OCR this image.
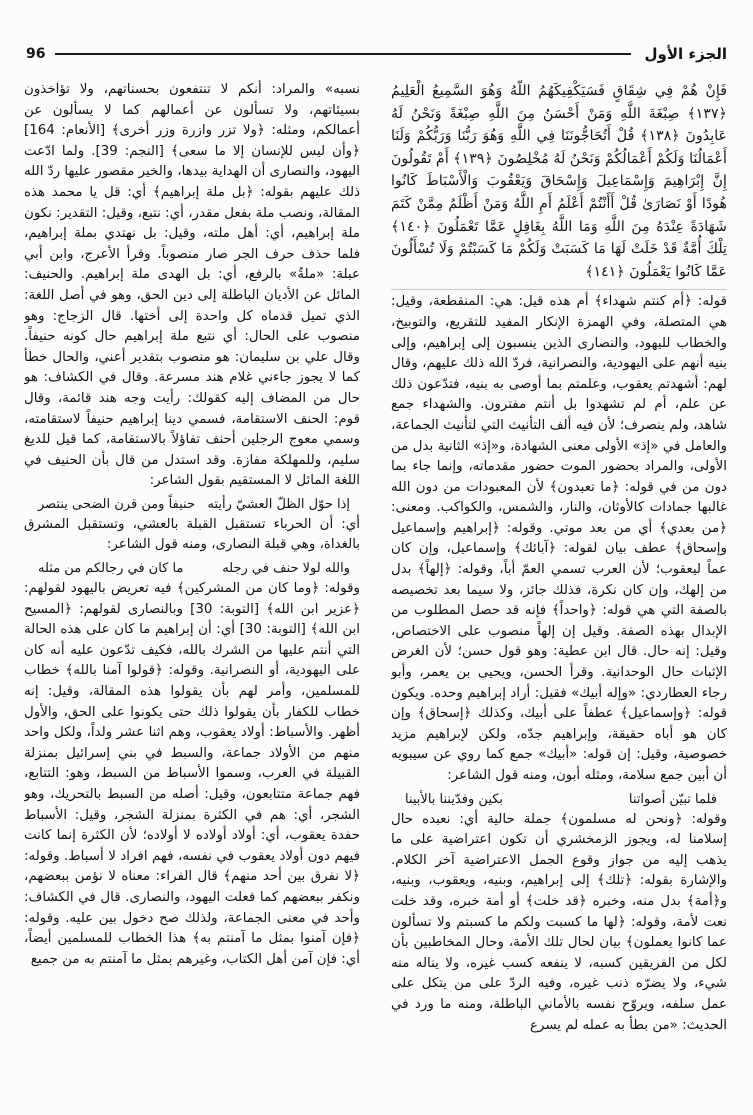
الجزء الأول
96

فَإِنْ هُمْ فِي شِقَاقٍ فَسَيَكْفِيكَهُمُ اللَّهُ وَهُوَ السَّمِيعُ الْعَلِيمُ ﴿١٣٧﴾ صِبْغَةَ اللَّهِ وَمَنْ أَحْسَنُ مِنَ اللَّهِ صِبْغَةً وَنَحْنُ لَهُ عَابِدُونَ ﴿١٣٨﴾ قُلْ أَتُحَاجُّونَنَا فِي اللَّهِ وَهُوَ رَبُّنَا وَرَبُّكُمْ وَلَنَا أَعْمَالُنَا وَلَكُمْ أَعْمَالُكُمْ وَنَحْنُ لَهُ مُخْلِصُونَ ﴿١٣٩﴾ أَمْ تَقُولُونَ إِنَّ إِبْرَاهِيمَ وَإِسْمَاعِيلَ وَإِسْحَاقَ وَيَعْقُوبَ وَالْأَسْبَاطَ كَانُوا هُودًا أَوْ نَصَارَىٰ قُلْ أَأَنْتُمْ أَعْلَمُ أَمِ اللَّهُ وَمَنْ أَظْلَمُ مِمَّنْ كَتَمَ شَهَادَةً عِنْدَهُ مِنَ اللَّهِ وَمَا اللَّهُ بِغَافِلٍ عَمَّا تَعْمَلُونَ ﴿١٤٠﴾ تِلْكَ أُمَّةٌ قَدْ خَلَتْ لَهَا مَا كَسَبَتْ وَلَكُمْ مَا كَسَبْتُمْ وَلَا تُسْأَلُونَ عَمَّا كَانُوا يَعْمَلُونَ ﴿١٤١﴾

قوله: ﴿أم كنتم شهداء﴾ أم هذه قيل: هي: المنقطعة، وقيل: هي المتصلة، وفي الهمزة الإنكار المفيد للتقريع، والتوبيخ، والخطاب لليهود، والنصارى الذين ينسبون إلى إبراهيم، وإلى بنيه أنهم على اليهودية، والنصرانية، فردّ الله ذلك عليهم، وقال لهم: أشهدتم يعقوب، وعلمتم بما أوصى به بنيه، فتدّعون ذلك عن علم، أم لم تشهدوا بل أنتم مفترون. والشهداء جمع شاهد، ولم ينصرف؛ لأن فيه ألف التأنيث التي لتأنيث الجماعة، والعامل في «إذ» الأولى معنى الشهادة، و«إذ» الثانية بدل من الأولى، والمراد بحضور الموت حضور مقدماته، وإنما جاء بما دون من في قوله: ﴿ما تعبدون﴾ لأن المعبودات من دون الله غالبها جمادات كالأوثان، والنار، والشمس، والكواكب. ومعنى: ﴿من بعدي﴾ أي من بعد موتي. وقوله: ﴿إبراهيم وإسماعيل وإسحاق﴾ عطف بيان لقوله: ﴿آبائك﴾ وإسماعيل، وإن كان عماً ليعقوب؛ لأن العرب تسمي العمّ أباً، وقوله: ﴿إلهاً﴾ بدل من إلهك، وإن كان نكرة، فذلك جائز، ولا سيما بعد تخصيصه بالصفة التي هي قوله: ﴿واحداً﴾ فإنه قد حصل المطلوب من الإبدال بهذه الصفة. وقيل إن إلهاً منصوب على الاختصاص، وقيل: إنه حال. قال ابن عطية: وهو قول حسن؛ لأن الغرض الإثبات حال الوحدانية. وقرأ الحسن، ويحيى بن يعمر، وأبو رجاء العطاردي: «وإله أبيك» فقيل: أراد إبراهيم وحده. ويكون قوله: ﴿وإسماعيل﴾ عطفاً على أبيك، وكذلك ﴿إسحاق﴾ وإن كان هو أباه حقيقة، وإبراهيم جدّه، ولكن لإبراهيم مزيد خصوصية، وقيل: إن قوله: «أبيك» جمع كما روي عن سيبويه أن أبين جمع سلامة، ومثله أبون، ومنه قول الشاعر:

فلما تبيّن أصواتنا
بكين وفدّيننا بالأبينا

وقوله: ﴿ونحن له مسلمون﴾ جملة حالية أي: نعبده حال إسلامنا له، ويجوز الزمخشري أن تكون اعتراضية على ما يذهب إليه من جواز وقوع الجمل الاعتراضية آخر الكلام. والإشارة بقوله: ﴿تلك﴾ إلى إبراهيم، وبنيه، ويعقوب، وبنيه، و﴿أمة﴾ بدل منه، وخبره ﴿قد خلت﴾ أو أمة خبره، وقد خلت نعت لأمة، وقوله: ﴿لها ما كسبت ولكم ما كسبتم ولا تسألون عما كانوا يعملون﴾ بيان لحال تلك الأمة، وحال المخاطبين بأن لكل من الفريقين كسبه، لا ينفعه كسب غيره، ولا يناله منه شيء، ولا يضرّه ذنب غيره، وفيه الردّ على من يتكل على عمل سلفه، ويروّح نفسه بالأماني الباطلة، ومنه ما ورد في الحديث: «من بطأ به عمله لم يسرع

نسبه» والمراد: أنكم لا تنتفعون بحسناتهم، ولا تؤاخذون بسيئاتهم، ولا تسألون عن أعمالهم كما لا يسألون عن أعمالكم، ومثله: ﴿ولا تزر وازرة وزر أخرى﴾ [الأنعام: 164] ﴿وأن ليس للإنسان إلا ما سعى﴾ [النجم: 39]. ولما ادّعت اليهود، والنصارى أن الهداية بيدها، والخير مقصور عليها ردّ الله ذلك عليهم بقوله: ﴿بل ملة إبراهيم﴾ أي: قل يا محمد هذه المقالة، ونصب ملة بفعل مقدر، أي: نتبع، وقيل: التقدير: نكون ملة إبراهيم، أي: أهل ملته، وقيل: بل نهتدي بملة إبراهيم، فلما حذف حرف الجر صار منصوباً. وقرأ الأعرج، وابن أبي عبلة: «ملةُ» بالرفع، أي: بل الهدى ملة إبراهيم. والحنيف: المائل عن الأديان الباطلة إلى دين الحق، وهو في أصل اللغة: الذي تميل قدماه كل واحدة إلى أختها. قال الزجاج: وهو منصوب على الحال: أي نتبع ملة إبراهيم حال كونه حنيفاً. وقال علي بن سليمان: هو منصوب بتقدير أعني، والحال خطأ كما لا يجوز جاءني غلام هند مسرعة. وقال في الكشاف: هو حال من المضاف إليه كقولك: رأيت وجه هند قائمة، وقال قوم: الحنف الاستقامة، فسمي دينا إبراهيم حنيفاً لاستقامته، وسمي معوج الرجلين أحنف تفاؤلاً بالاستقامة، كما قيل للديغ سليم، وللمهلكة مفازة. وقد استدل من قال بأن الحنيف في اللغة المائل لا المستقيم بقول الشاعر:

إذا حوّل الظلّ العشيّ رأيته
حنيفاً ومن قرن الضحى ينتصر

أي: أن الحرباء تستقبل القبلة بالعشي، وتستقبل المشرق بالغداة، وهي قبلة النصارى، ومنه قول الشاعر:

والله لولا حنف في رجله
ما كان في رجالكم من مثله

وقوله: ﴿وما كان من المشركين﴾ فيه تعريض باليهود لقولهم: ﴿عزير ابن الله﴾ [التوبة: 30] وبالنصارى لقولهم: ﴿المسيح ابن الله﴾ [التوبة: 30] أي: أن إبراهيم ما كان على هذه الحالة التي أنتم عليها من الشرك بالله، فكيف تدّعون عليه أنه كان على اليهودية، أو النصرانية. وقوله: ﴿قولوا آمنا بالله﴾ خطاب للمسلمين، وأمر لهم بأن يقولوا هذه المقالة، وقيل: إنه خطاب للكفار بأن يقولوا ذلك حتى يكونوا على الحق، والأول أظهر. والأسباط: أولاد يعقوب، وهم اثنا عشر ولداً، ولكل واحد منهم من الأولاد جماعة، والسبط في بني إسرائيل بمنزلة القبيلة في العرب، وسموا الأسباط من السبط، وهو: التتابع، فهم جماعة متتابعون، وقيل: أصله من السبط بالتحريك، وهو الشجر، أي: هم في الكثرة بمنزلة الشجر، وقيل: الأسباط حفدة يعقوب، أي: أولاد أولاده لا أولاده؛ لأن الكثرة إنما كانت فيهم دون أولاد يعقوب في نفسه، فهم افراد لا أسباط. وقوله: ﴿لا نفرق بين أحد منهم﴾ قال الفراء: معناه لا نؤمن ببعضهم، ونكفر ببعضهم كما فعلت اليهود، والنصارى. قال في الكشاف: وأحد في معنى الجماعة، ولذلك صح دخول بين عليه. وقوله: ﴿فإن آمنوا بمثل ما آمنتم به﴾ هذا الخطاب للمسلمين أيضاً، أي: فإن آمن أهل الكتاب، وغيرهم بمثل ما آمنتم به من جميع
